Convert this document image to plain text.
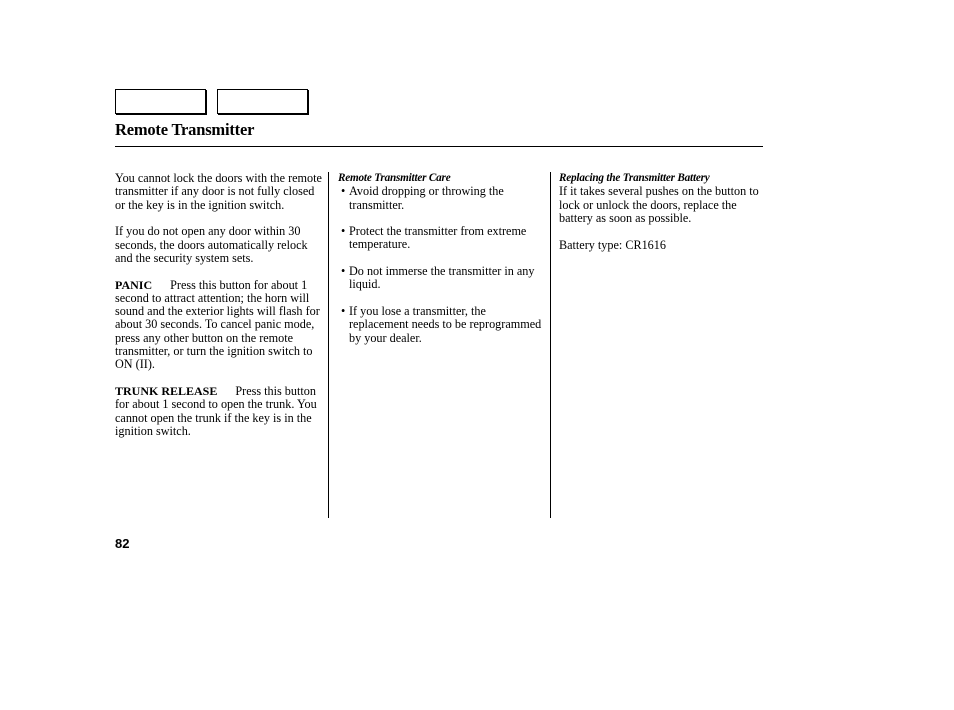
Remote Transmitter

You cannot lock the doors with the remote transmitter if any door is not fully closed or the key is in the ignition switch.

If you do not open any door within 30 seconds, the doors automatically relock and the security system sets.

PANIC Press this button for about 1 second to attract attention; the horn will sound and the exterior lights will flash for about 30 seconds. To cancel panic mode, press any other button on the remote transmitter, or turn the ignition switch to ON (II).

TRUNK RELEASE Press this button for about 1 second to open the trunk. You cannot open the trunk if the key is in the ignition switch.

Remote Transmitter Care
• Avoid dropping or throwing the transmitter.
• Protect the transmitter from extreme temperature.
• Do not immerse the transmitter in any liquid.
• If you lose a transmitter, the replacement needs to be reprogrammed by your dealer.
Replacing the Transmitter Battery

If it takes several pushes on the button to lock or unlock the doors, replace the battery as soon as possible.

Battery type: CR1616

82
